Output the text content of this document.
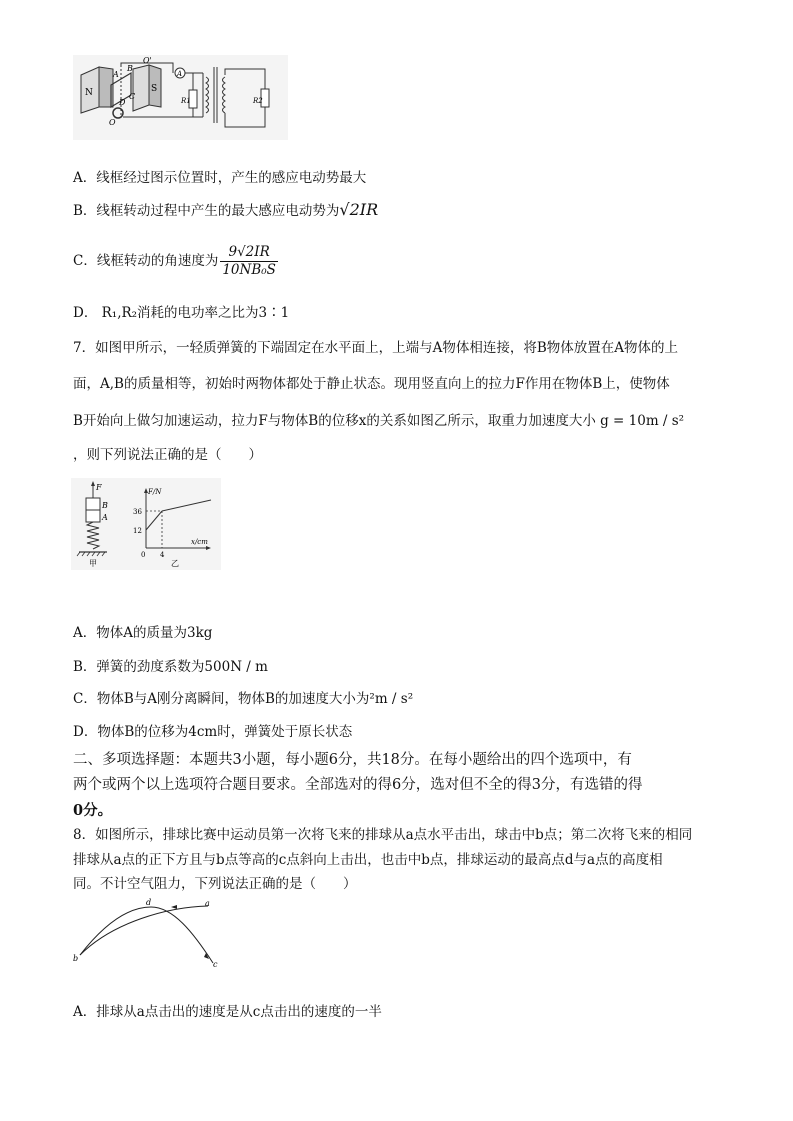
N
A
B
O'
S
C
D
O
A
R1	R2
A．线框经过图示位置时，产生的感应电动势最大
B．线框转动过程中产生的最大感应电动势为√2IR
C．线框转动的角速度为 $\frac{9√2IR}{\text{10NB₀S}}$
D． R₁,R₂消耗的电功率之比为3∶1
7．如图甲所示，一轻质弹簧的下端固定在水平面上，上端与A物体相连接，将B物体放置在A物体的上
面，A,B的质量相等，初始时两物体都处于静止状态。现用竖直向上的拉力F作用在物体B上，使物体
B开始向上做匀加速运动，拉力F与物体B的位移x的关系如图乙所示，取重力加速度大小 g = 10m / s²
，则下列说法正确的是（　　）
F
B
A
甲
F/N
x/cm
36
12
0 4
乙
A．物体A的质量为3kg
B．弹簧的劲度系数为500N / m
C．物体B与A刚分离瞬间，物体B的加速度大小为²m / s²
D．物体B的位移为4cm时，弹簧处于原长状态
二、多项选择题：本题共3小题，每小题6分，共18分。在每小题给出的四个选项中，有
两个或两个以上选项符合题目要求。全部选对的得6分，选对但不全的得3分，有选错的得
0分。
8．如图所示，排球比赛中运动员第一次将飞来的排球从a点水平击出，球击中b点；第二次将飞来的相同
排球从a点的正下方且与b点等高的c点斜向上击出，也击中b点，排球运动的最高点d与a点的高度相
同。不计空气阻力，下列说法正确的是（　　）
a
b
c
d
A．排球从a点击出的速度是从c点击出的速度的一半
